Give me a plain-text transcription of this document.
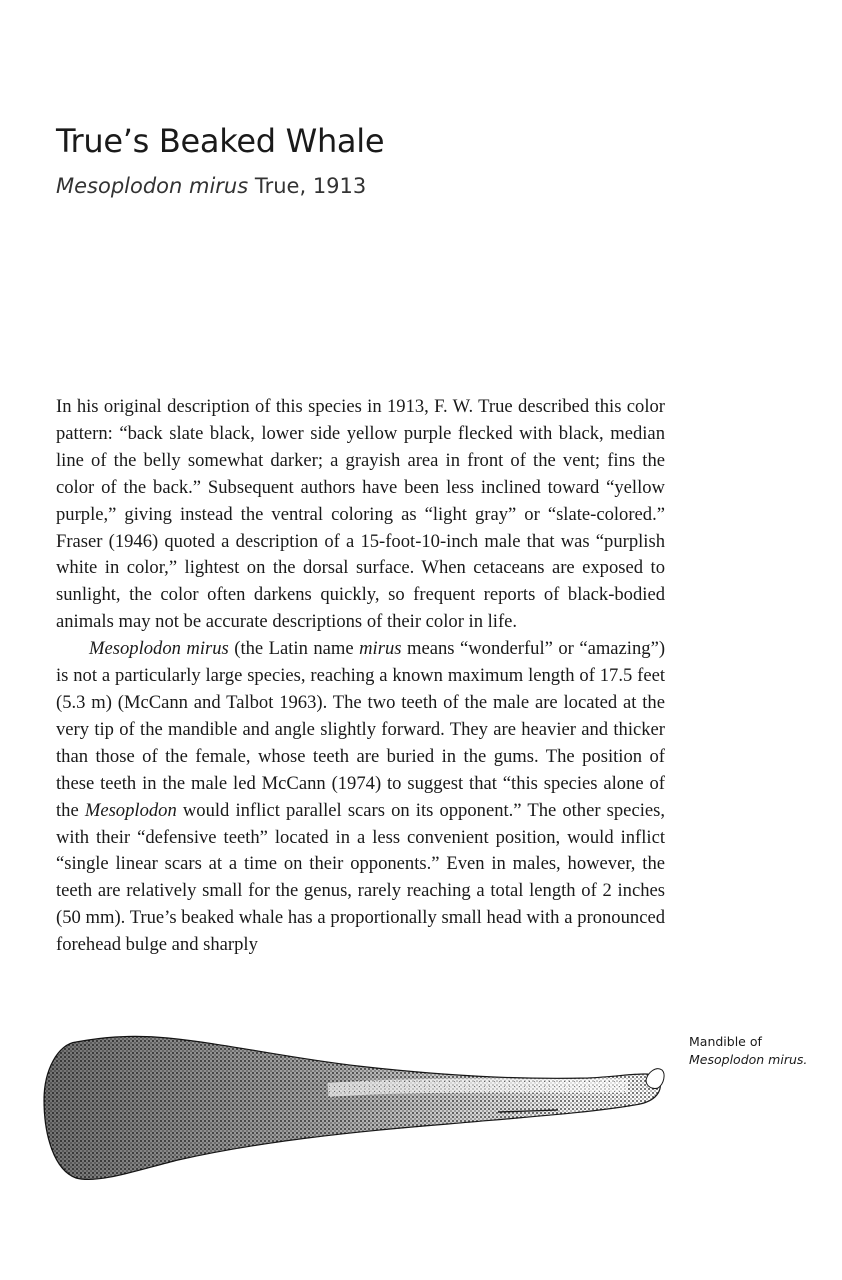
True’s Beaked Whale
Mesoplodon mirus True, 1913

In his original description of this species in 1913, F. W. True described this color pattern: “back slate black, lower side yellow purple flecked with black, median line of the belly somewhat darker; a grayish area in front of the vent; fins the color of the back.” Subsequent authors have been less inclined toward “yellow purple,” giving instead the ventral coloring as “light gray” or “slate-colored.” Fraser (1946) quoted a description of a 15-foot-10-inch male that was “purplish white in color,” lightest on the dorsal surface. When cetaceans are exposed to sunlight, the color often darkens quickly, so frequent reports of black-bodied animals may not be accurate descriptions of their color in life.

Mesoplodon mirus (the Latin name mirus means “wonderful” or “amazing”) is not a particularly large species, reaching a known maximum length of 17.5 feet (5.3 m) (McCann and Talbot 1963). The two teeth of the male are located at the very tip of the mandible and angle slightly forward. They are heavier and thicker than those of the female, whose teeth are buried in the gums. The position of these teeth in the male led McCann (1974) to suggest that “this species alone of the Mesoplodon would inflict parallel scars on its opponent.” The other species, with their “defensive teeth” located in a less convenient position, would inflict “single linear scars at a time on their opponents.” Even in males, however, the teeth are relatively small for the genus, rarely reaching a total length of 2 inches (50 mm). True’s beaked whale has a proportionally small head with a pronounced forehead bulge and sharply

Mandible of
Mesoplodon mirus.
